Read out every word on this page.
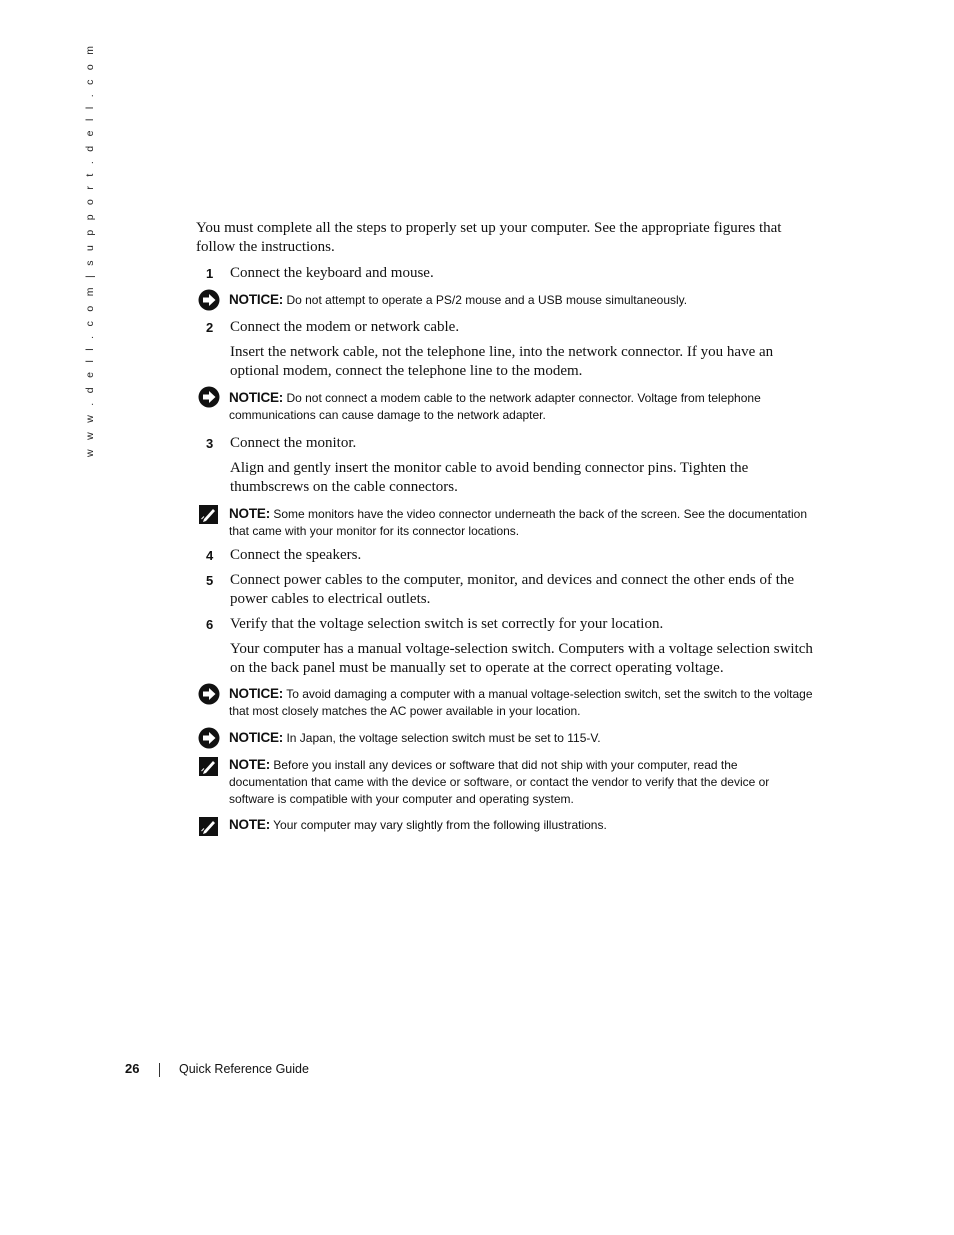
w w w . d e l l . c o m | s u p p o r t . d e l l . c o m	You must complete all the steps to properly set up your computer. See the appropriate figures that follow the instructions.

1	Connect the keyboard and mouse.

NOTICE: Do not attempt to operate a PS/2 mouse and a USB mouse simultaneously.

2	Connect the modem or network cable.

Insert the network cable, not the telephone line, into the network connector. If you have an optional modem, connect the telephone line to the modem.

NOTICE: Do not connect a modem cable to the network adapter connector. Voltage from telephone communications can cause damage to the network adapter.

3	Connect the monitor.

Align and gently insert the monitor cable to avoid bending connector pins. Tighten the thumbscrews on the cable connectors.

NOTE: Some monitors have the video connector underneath the back of the screen. See the documentation that came with your monitor for its connector locations.

4	Connect the speakers.

5	Connect power cables to the computer, monitor, and devices and connect the other ends of the power cables to electrical outlets.

6	Verify that the voltage selection switch is set correctly for your location.

Your computer has a manual voltage-selection switch. Computers with a voltage selection switch on the back panel must be manually set to operate at the correct operating voltage.

NOTICE: To avoid damaging a computer with a manual voltage-selection switch, set the switch to the voltage that most closely matches the AC power available in your location.

NOTICE: In Japan, the voltage selection switch must be set to 115-V.

NOTE: Before you install any devices or software that did not ship with your computer, read the documentation that came with the device or software, or contact the vendor to verify that the device or software is compatible with your computer and operating system.

NOTE: Your computer may vary slightly from the following illustrations.

26	Quick Reference Guide
